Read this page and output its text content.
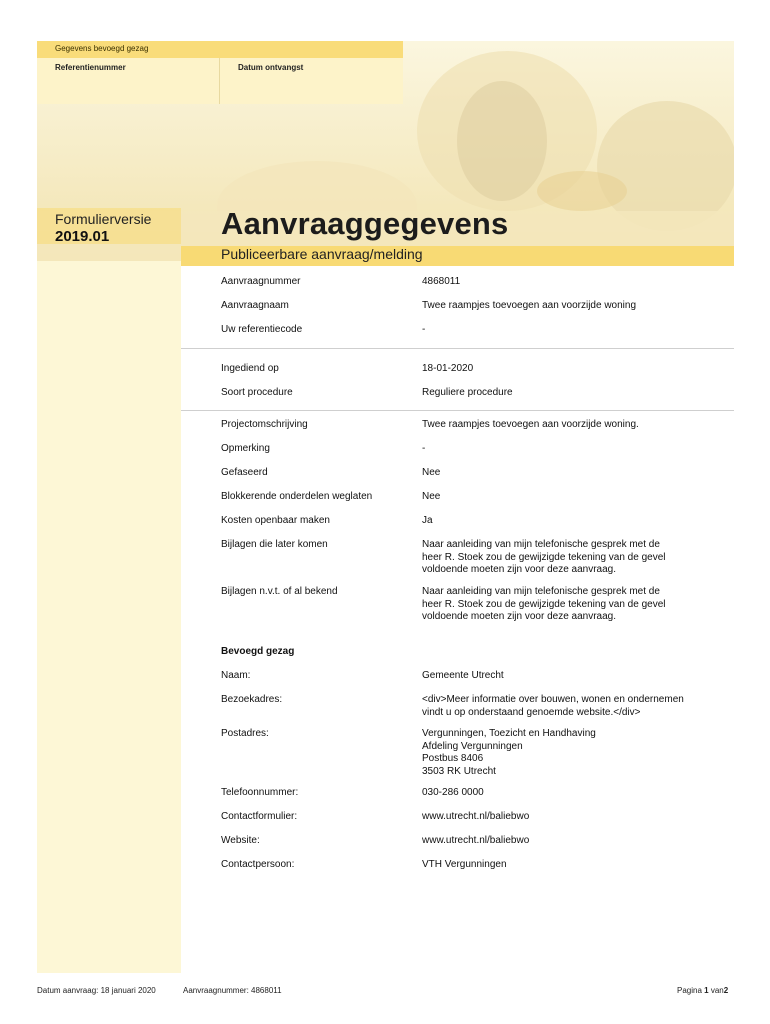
Gegevens bevoegd gezag
Referentienummer	Datum ontvangst
Formulierversie
2019.01	Aanvraaggegevens
Publiceerbare aanvraag/melding
Aanvraagnummer	4868011
Aanvraagnaam	Twee raampjes toevoegen aan voorzijde woning
Uw referentiecode	-
Ingediend op	18-01-2020
Soort procedure	Reguliere procedure
Projectomschrijving	Twee raampjes toevoegen aan voorzijde woning.
Opmerking	-
Gefaseerd	Nee
Blokkerende onderdelen weglaten	Nee
Kosten openbaar maken	Ja
Bijlagen die later komen	Naar aanleiding van mijn telefonische gesprek met de
heer R. Stoek zou de gewijzigde tekening van de gevel
voldoende moeten zijn voor deze aanvraag.
Bijlagen n.v.t. of al bekend	Naar aanleiding van mijn telefonische gesprek met de
heer R. Stoek zou de gewijzigde tekening van de gevel
voldoende moeten zijn voor deze aanvraag.
Bevoegd gezag
Naam:	Gemeente Utrecht
Bezoekadres:	<div>Meer informatie over bouwen, wonen en ondernemen
vindt u op onderstaand genoemde website.</div>
Postadres:	Vergunningen, Toezicht en Handhaving
Afdeling Vergunningen
Postbus 8406
3503 RK Utrecht
Telefoonnummer:	030-286 0000
Contactformulier:	www.utrecht.nl/baliebwo
Website:	www.utrecht.nl/baliebwo
Contactpersoon:	VTH Vergunningen
Datum aanvraag: 18 januari 2020	Aanvraagnummer: 4868011	Pagina 1 van2
